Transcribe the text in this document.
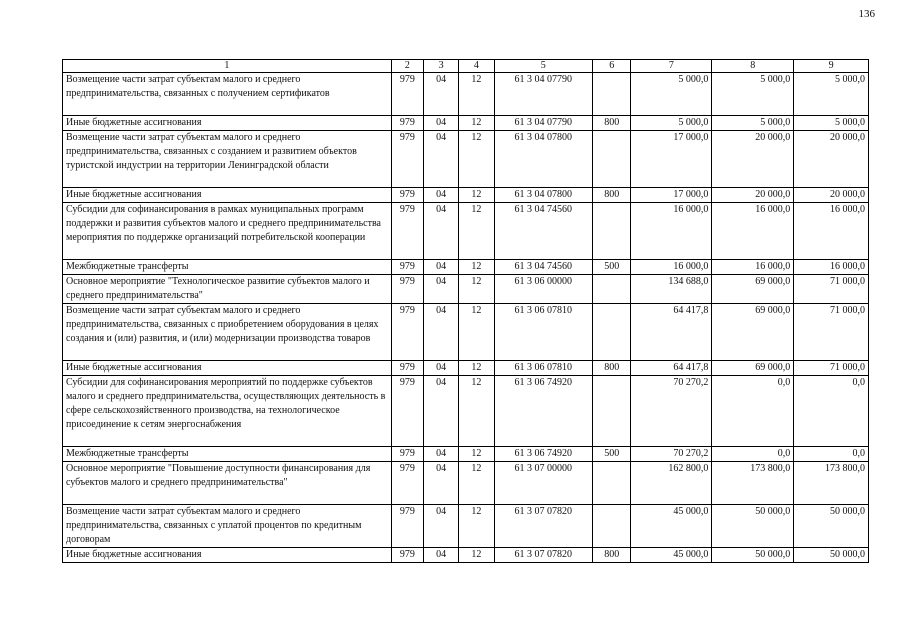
136
1	2	3	4	5	6	7	8	9
Возмещение части затрат субъектам малого и среднего предпринимательства, связанных с получением сертификатов	979	04	12	61 3 04 07790		5 000,0	5 000,0	5 000,0
Иные бюджетные ассигнования	979	04	12	61 3 04 07790	800	5 000,0	5 000,0	5 000,0
Возмещение части затрат субъектам малого и среднего предпринимательства, связанных с созданием и развитием объектов туристской индустрии на территории Ленинградской области	979	04	12	61 3 04 07800		17 000,0	20 000,0	20 000,0
Иные бюджетные ассигнования	979	04	12	61 3 04 07800	800	17 000,0	20 000,0	20 000,0
Субсидии для софинансирования в рамках муниципальных программ поддержки и развития субъектов малого и среднего предпринимательства мероприятия по поддержке организаций потребительской кооперации	979	04	12	61 3 04 74560		16 000,0	16 000,0	16 000,0
Межбюджетные трансферты	979	04	12	61 3 04 74560	500	16 000,0	16 000,0	16 000,0
Основное мероприятие "Технологическое развитие субъектов малого и среднего предпринимательства"	979	04	12	61 3 06 00000		134 688,0	69 000,0	71 000,0
Возмещение части затрат субъектам малого и среднего предпринимательства, связанных с приобретением оборудования в целях создания и (или) развития, и (или) модернизации производства товаров	979	04	12	61 3 06 07810		64 417,8	69 000,0	71 000,0
Иные бюджетные ассигнования	979	04	12	61 3 06 07810	800	64 417,8	69 000,0	71 000,0
Субсидии для софинансирования мероприятий по поддержке субъектов малого и среднего предпринимательства, осуществляющих деятельность в сфере сельскохозяйственного производства, на технологическое присоединение к сетям энергоснабжения	979	04	12	61 3 06 74920		70 270,2	0,0	0,0
Межбюджетные трансферты	979	04	12	61 3 06 74920	500	70 270,2	0,0	0,0
Основное мероприятие "Повышение доступности финансирования для субъектов малого и среднего предпринимательства"	979	04	12	61 3 07 00000		162 800,0	173 800,0	173 800,0
Возмещение части затрат субъектам малого и среднего предпринимательства, связанных с уплатой процентов по кредитным договорам	979	04	12	61 3 07 07820		45 000,0	50 000,0	50 000,0
Иные бюджетные ассигнования	979	04	12	61 3 07 07820	800	45 000,0	50 000,0	50 000,0
